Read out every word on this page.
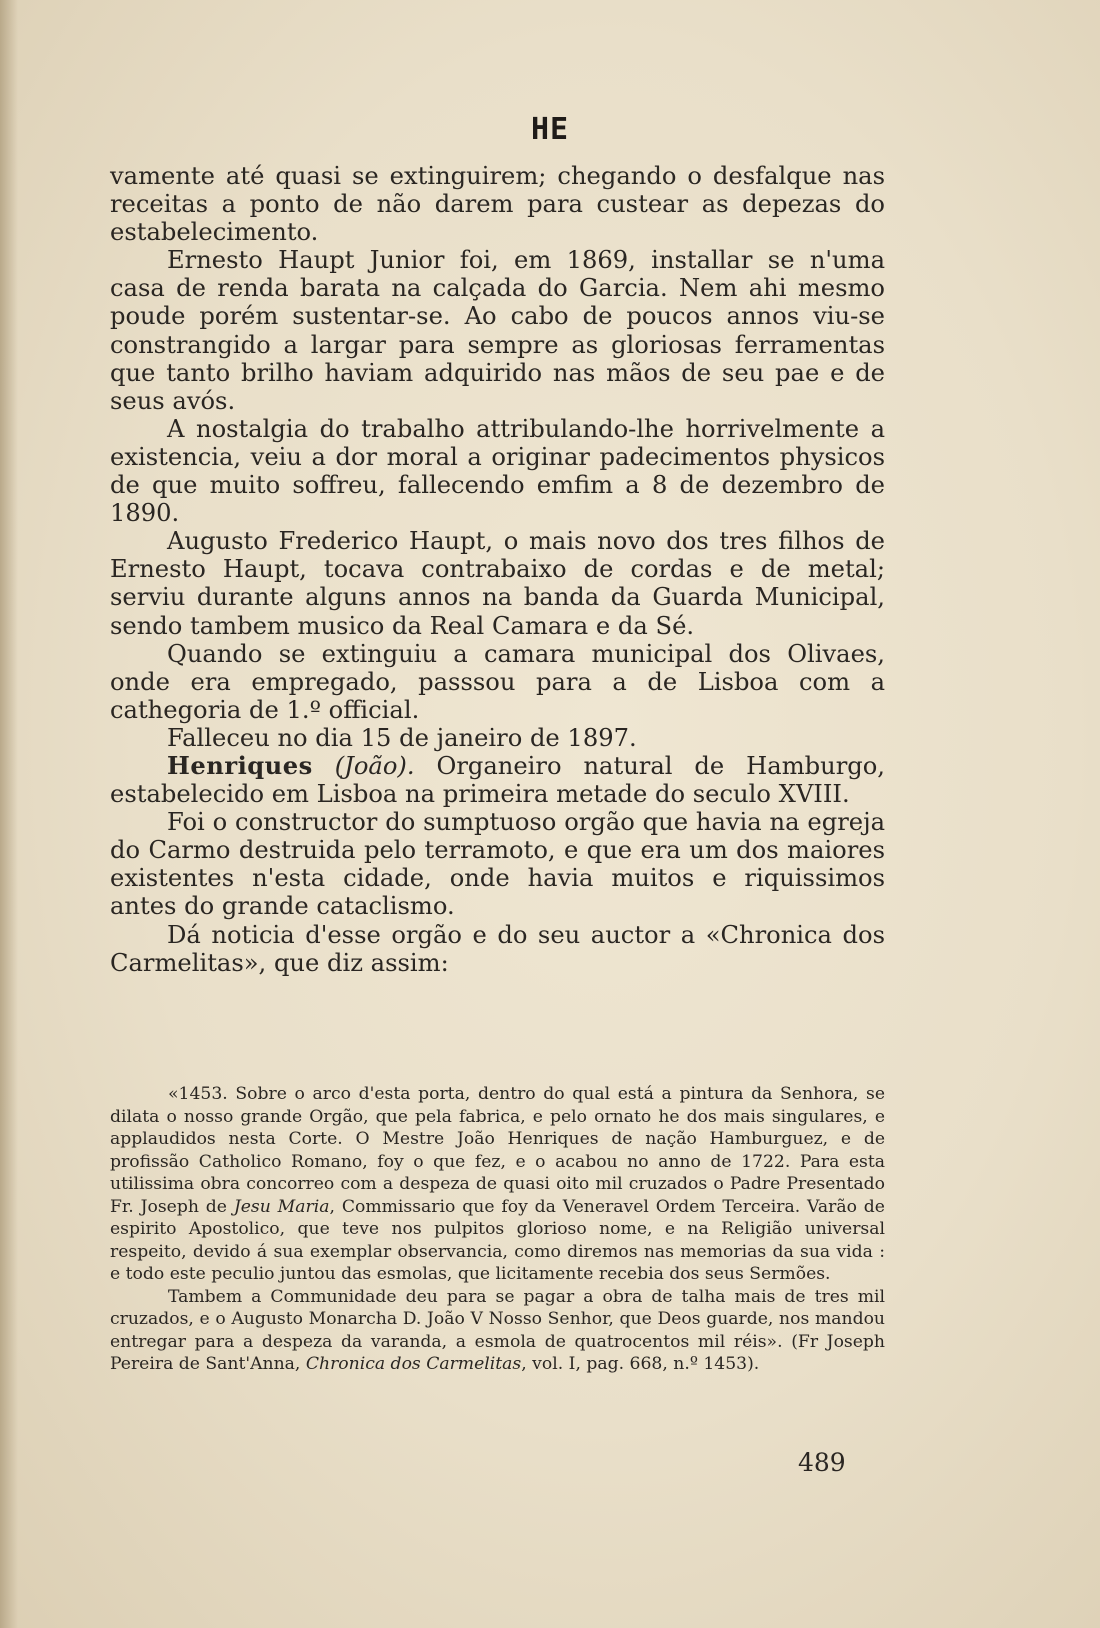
HE

vamente até quasi se extinguirem; chegando o desfalque nas receitas a ponto de não darem para custear as depezas do estabelecimento.

Ernesto Haupt Junior foi, em 1869, installar se n'uma casa de renda barata na calçada do Garcia. Nem ahi mesmo poude porém sustentar-se. Ao cabo de poucos annos viu-se constrangido a largar para sempre as gloriosas ferramentas que tanto brilho haviam adquirido nas mãos de seu pae e de seus avós.

A nostalgia do trabalho attribulando-lhe horrivelmente a existencia, veiu a dor moral a originar padecimentos physicos de que muito soffreu, fallecendo emfim a 8 de dezembro de 1890.

Augusto Frederico Haupt, o mais novo dos tres filhos de Ernesto Haupt, tocava contrabaixo de cordas e de metal; serviu durante alguns annos na banda da Guarda Municipal, sendo tambem musico da Real Camara e da Sé.

Quando se extinguiu a camara municipal dos Olivaes, onde era empregado, passsou para a de Lisboa com a cathegoria de 1.º official.

Falleceu no dia 15 de janeiro de 1897.

Henriques (João). Organeiro natural de Hamburgo, estabelecido em Lisboa na primeira metade do seculo XVIII.

Foi o constructor do sumptuoso orgão que havia na egreja do Carmo destruida pelo terramoto, e que era um dos maiores existentes n'esta cidade, onde havia muitos e riquissimos antes do grande cataclismo.

Dá noticia d'esse orgão e do seu auctor a «Chronica dos Carmelitas», que diz assim:

«1453. Sobre o arco d'esta porta, dentro do qual está a pintura da Senhora, se dilata o nosso grande Orgão, que pela fabrica, e pelo ornato he dos mais singulares, e applaudidos nesta Corte. O Mestre João Henriques de nação Hamburguez, e de profissão Catholico Romano, foy o que fez, e o acabou no anno de 1722. Para esta utilissima obra concorreo com a despeza de quasi oito mil cruzados o Padre Presentado Fr. Joseph de Jesu Maria, Commissario que foy da Veneravel Ordem Terceira. Varão de espirito Apostolico, que teve nos pulpitos glorioso nome, e na Religião universal respeito, devido á sua exemplar observancia, como diremos nas memorias da sua vida : e todo este peculio juntou das esmolas, que licitamente recebia dos seus Sermões.

Tambem a Communidade deu para se pagar a obra de talha mais de tres mil cruzados, e o Augusto Monarcha D. João V Nosso Senhor, que Deos guarde, nos mandou entregar para a despeza da varanda, a esmola de quatrocentos mil réis». (Fr Joseph Pereira de Sant'Anna, Chronica dos Carmelitas, vol. I, pag. 668, n.º 1453).

489
